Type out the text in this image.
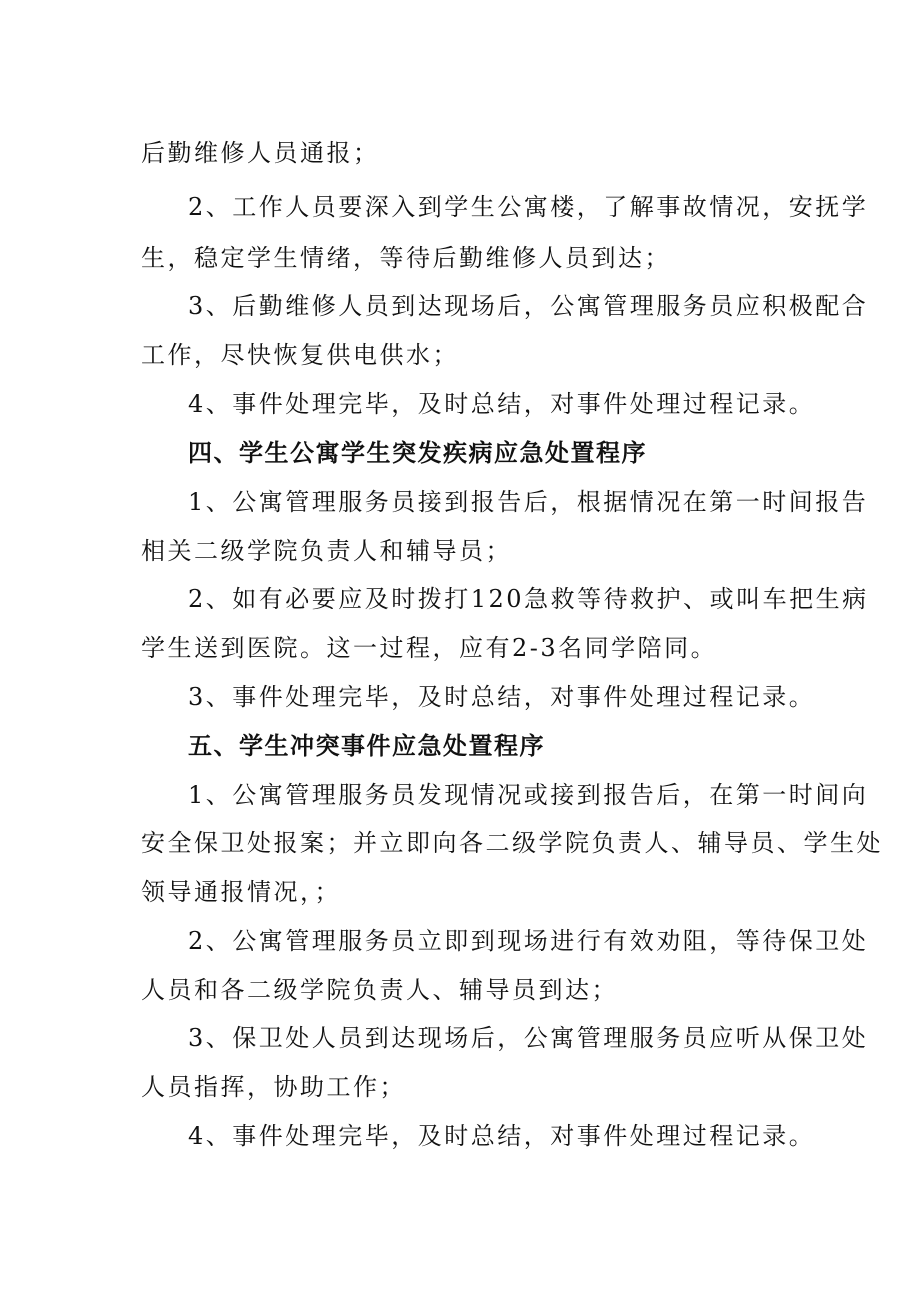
后勤维修人员通报；
2、工作人员要深入到学生公寓楼，了解事故情况，安抚学
生，稳定学生情绪，等待后勤维修人员到达；
3、后勤维修人员到达现场后，公寓管理服务员应积极配合
工作，尽快恢复供电供水；
4、事件处理完毕，及时总结，对事件处理过程记录。
四、学生公寓学生突发疾病应急处置程序
1、公寓管理服务员接到报告后，根据情况在第一时间报告
相关二级学院负责人和辅导员；
2、如有必要应及时拨打120急救等待救护、或叫车把生病
学生送到医院。这一过程，应有2-3名同学陪同。
3、事件处理完毕，及时总结，对事件处理过程记录。
五、学生冲突事件应急处置程序
1、公寓管理服务员发现情况或接到报告后，在第一时间向
安全保卫处报案；并立即向各二级学院负责人、辅导员、学生处
领导通报情况，；
2、公寓管理服务员立即到现场进行有效劝阻，等待保卫处
人员和各二级学院负责人、辅导员到达；
3、保卫处人员到达现场后，公寓管理服务员应听从保卫处
人员指挥，协助工作；
4、事件处理完毕，及时总结，对事件处理过程记录。
